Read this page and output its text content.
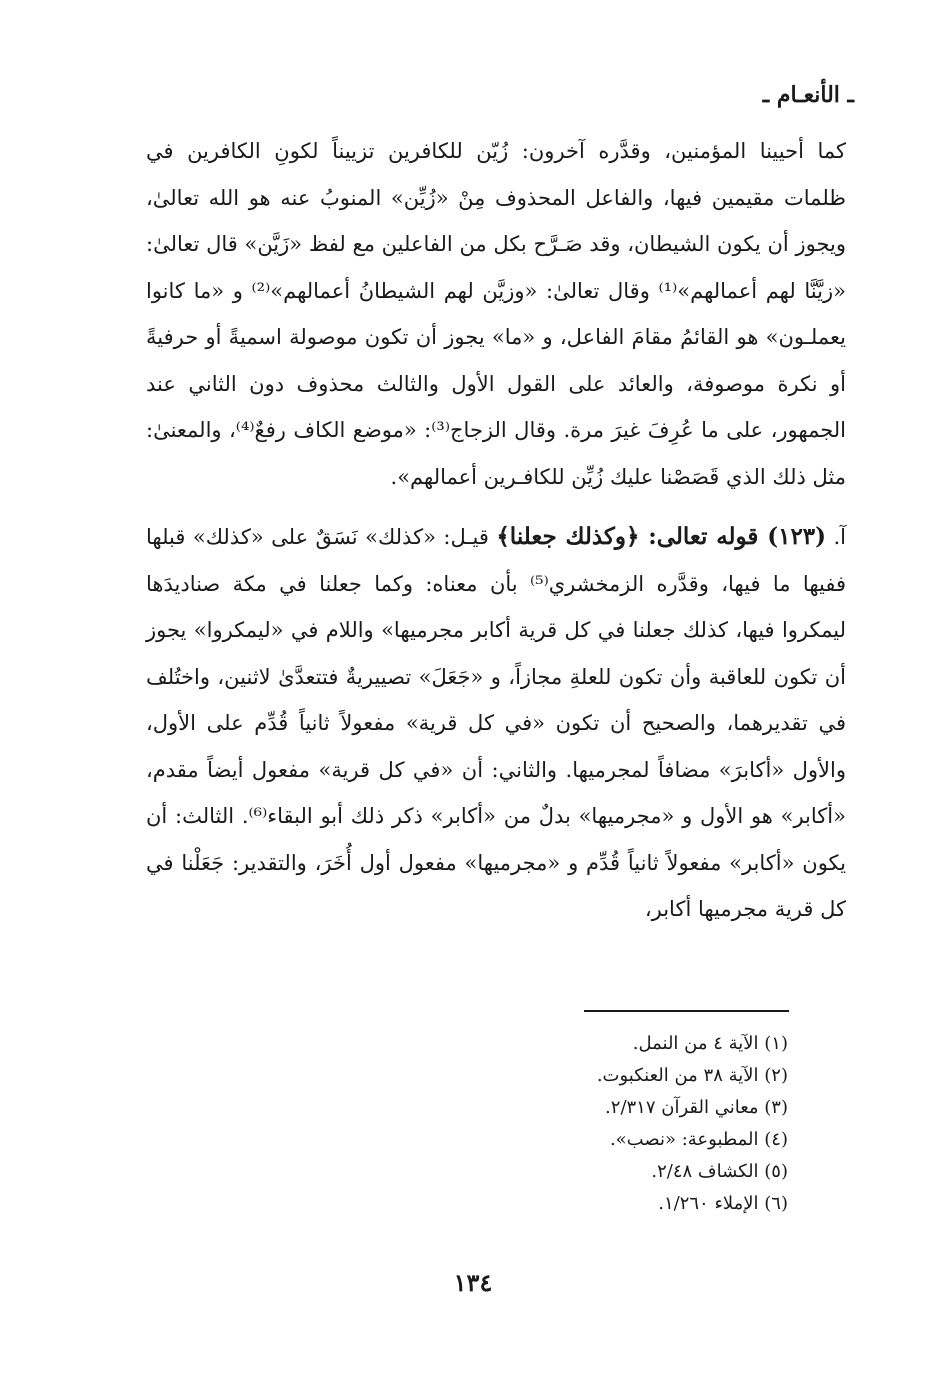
ـ الأنعـام ـ

كما أحيينا المؤمنين، وقدَّره آخرون: زُيّن للكافرين تزييناً لكونِ الكافرين في ظلمات مقيمين فيها، والفاعل المحذوف مِنْ «زُيِّن» المنوبُ عنه هو الله تعالىٰ، ويجوز أن يكون الشيطان، وقد صَـرَّح بكل من الفاعلين مع لفظ «زَيَّن» قال تعالىٰ: «زيَّنَّا لهم أعمالهم»⁽¹⁾ وقال تعالىٰ: «وزيَّن لهم الشيطانُ أعمالهم»⁽²⁾ و «ما كانوا يعملـون» هو القائمُ مقامَ الفاعل، و «ما» يجوز أن تكون موصولة اسميةً أو حرفيةً أو نكرة موصوفة، والعائد على القول الأول والثالث محذوف دون الثاني عند الجمهور، على ما عُرِفَ غيرَ مرة. وقال الزجاج⁽³⁾: «موضع الكاف رفعٌ⁽⁴⁾، والمعنىٰ: مثل ذلك الذي قَصَصْنا عليك زُيِّن للكافـرين أعمالهم».

آ. (١٢٣) قوله تعالى: ﴿وكذلك جعلنا﴾ قيـل: «كذلك» نَسَقٌ على «كذلك» قبلها ففيها ما فيها، وقدَّره الزمخشري⁽⁵⁾ بأن معناه: وكما جعلنا في مكة صناديدَها ليمكروا فيها، كذلك جعلنا في كل قرية أكابر مجرميها» واللام في «ليمكروا» يجوز أن تكون للعاقبة وأن تكون للعلةِ مجازاً، و «جَعَلَ» تصييريةٌ فتتعدَّىٰ لاثنين، واختُلف في تقديرهما، والصحيح أن تكون «في كل قرية» مفعولاً ثانياً قُدِّم على الأول، والأول «أكابرَ» مضافاً لمجرميها. والثاني: أن «في كل قرية» مفعول أيضاً مقدم، «أكابر» هو الأول و «مجرميها» بدلٌ من «أكابر» ذكر ذلك أبو البقاء⁽⁶⁾. الثالث: أن يكون «أكابر» مفعولاً ثانياً قُدِّم و «مجرميها» مفعول أول أُخَرَ، والتقدير: جَعَلْنا في كل قرية مجرميها أكابر،

(١) الآية ٤ من النمل.
(٢) الآية ٣٨ من العنكبوت.
(٣) معاني القرآن ٢/٣١٧.
(٤) المطبوعة: «نصب».
(٥) الكشاف ٢/٤٨.
(٦) الإملاء ١/٢٦٠.
١٣٤
